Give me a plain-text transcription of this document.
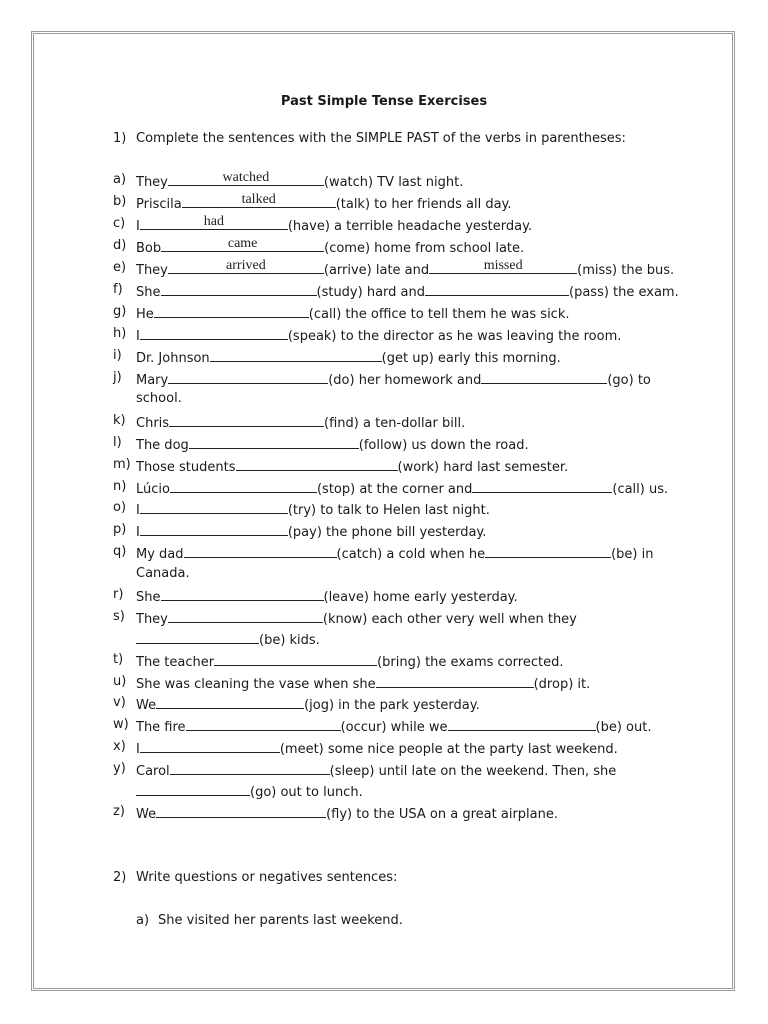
Past Simple Tense Exercises
1) Complete the sentences with the SIMPLE PAST of the verbs in parentheses:
a) They	watched	(watch) TV last night.
b) Priscila	talked	(talk) to her friends all day.
c) I	had	(have) a terrible headache yesterday.
d) Bob	came	(come) home from school late.
e) They	arrived	(arrive) late and	missed	(miss) the bus.
f) She	(study) hard and	(pass) the exam.
g) He	(call) the office to tell them he was sick.
h) I	(speak) to the director as he was leaving the room.
i) Dr. Johnson	(get up) early this morning.
j) Mary	(do) her homework and	(go) to
school.
k) Chris	(find) a ten-dollar bill.
l) The dog	(follow) us down the road.
m) Those students	(work) hard last semester.
n) Lúcio	(stop) at the corner and	(call) us.
o) I	(try) to talk to Helen last night.
p) I	(pay) the phone bill yesterday.
q) My dad	(catch) a cold when he	(be) in
Canada.
r) She	(leave) home early yesterday.
s) They	(know) each other very well when they
(be) kids.
t) The teacher	(bring) the exams corrected.
u) She was cleaning the vase when she	(drop) it.
v) We	(jog) in the park yesterday.
w) The fire	(occur) while we	(be) out.
x) I	(meet) some nice people at the party last weekend.
y) Carol	(sleep) until late on the weekend. Then, she
(go) out to lunch.
z) We	(fly) to the USA on a great airplane.
2) Write questions or negatives sentences:
a) She visited her parents last weekend.
